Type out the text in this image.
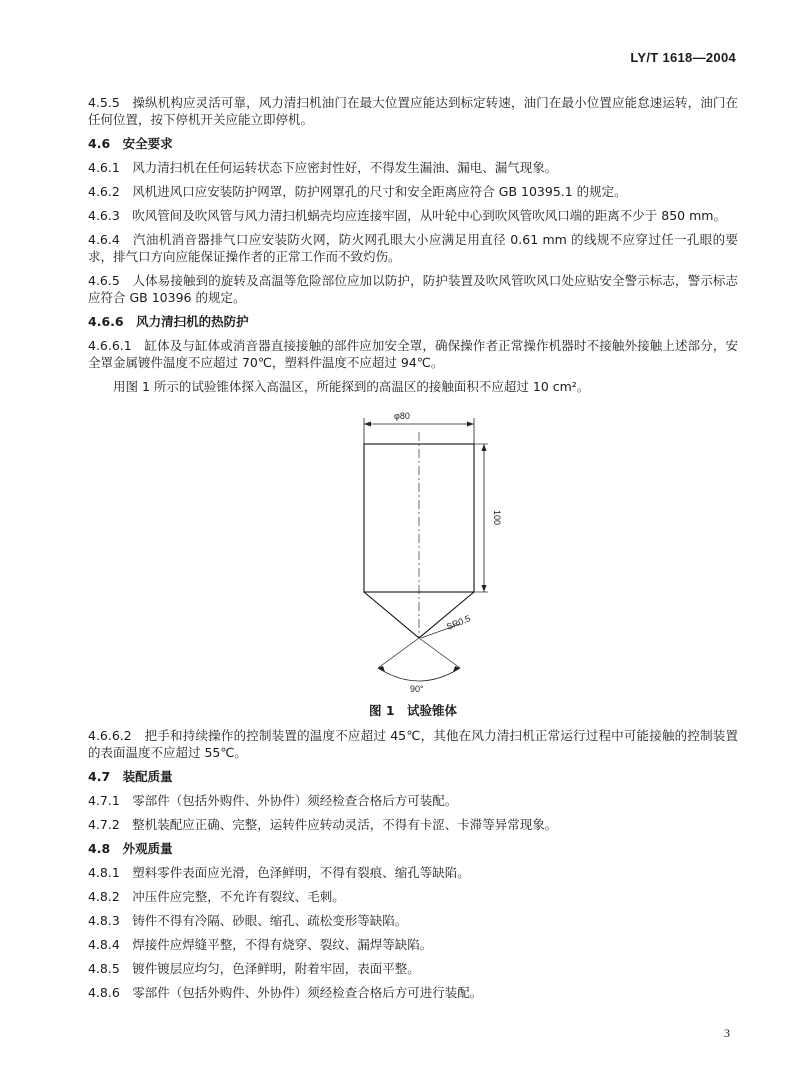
LY/T 1618—2004

4.5.5　操纵机构应灵活可靠，风力清扫机油门在最大位置应能达到标定转速，油门在最小位置应能怠速运转，油门在任何位置，按下停机开关应能立即停机。

4.6　安全要求

4.6.1　风力清扫机在任何运转状态下应密封性好，不得发生漏油、漏电、漏气现象。

4.6.2　风机进风口应安装防护网罩，防护网罩孔的尺寸和安全距离应符合 GB 10395.1 的规定。

4.6.3　吹风管间及吹风管与风力清扫机蜗壳均应连接牢固，从叶轮中心到吹风管吹风口端的距离不少于 850 mm。

4.6.4　汽油机消音器排气口应安装防火网，防火网孔眼大小应满足用直径 0.61 mm 的线规不应穿过任一孔眼的要求，排气口方向应能保证操作者的正常工作而不致灼伤。

4.6.5　人体易接触到的旋转及高温等危险部位应加以防护，防护装置及吹风管吹风口处应贴安全警示标志，警示标志应符合 GB 10396 的规定。

4.6.6　风力清扫机的热防护

4.6.6.1　缸体及与缸体或消音器直接接触的部件应加安全罩，确保操作者正常操作机器时不接触外接触上述部分，安全罩金属镀件温度不应超过 70℃，塑料件温度不应超过 94℃。

用图 1 所示的试验锥体探入高温区，所能探到的高温区的接触面积不应超过 10 cm²。

φ80
100
90°
SR0.5

图 1　试验锥体

4.6.6.2　把手和持续操作的控制装置的温度不应超过 45℃，其他在风力清扫机正常运行过程中可能接触的控制装置的表面温度不应超过 55℃。

4.7　装配质量

4.7.1　零部件（包括外购件、外协件）须经检查合格后方可装配。

4.7.2　整机装配应正确、完整，运转件应转动灵活，不得有卡涩、卡滞等异常现象。

4.8　外观质量

4.8.1　塑料零件表面应光滑，色泽鲜明，不得有裂痕、缩孔等缺陷。

4.8.2　冲压件应完整，不允许有裂纹、毛刺。

4.8.3　铸件不得有冷隔、砂眼、缩孔、疏松变形等缺陷。

4.8.4　焊接件应焊缝平整，不得有烧穿、裂纹、漏焊等缺陷。

4.8.5　镀件镀层应均匀，色泽鲜明，附着牢固，表面平整。

4.8.6　零部件（包括外购件、外协件）须经检查合格后方可进行装配。

3
